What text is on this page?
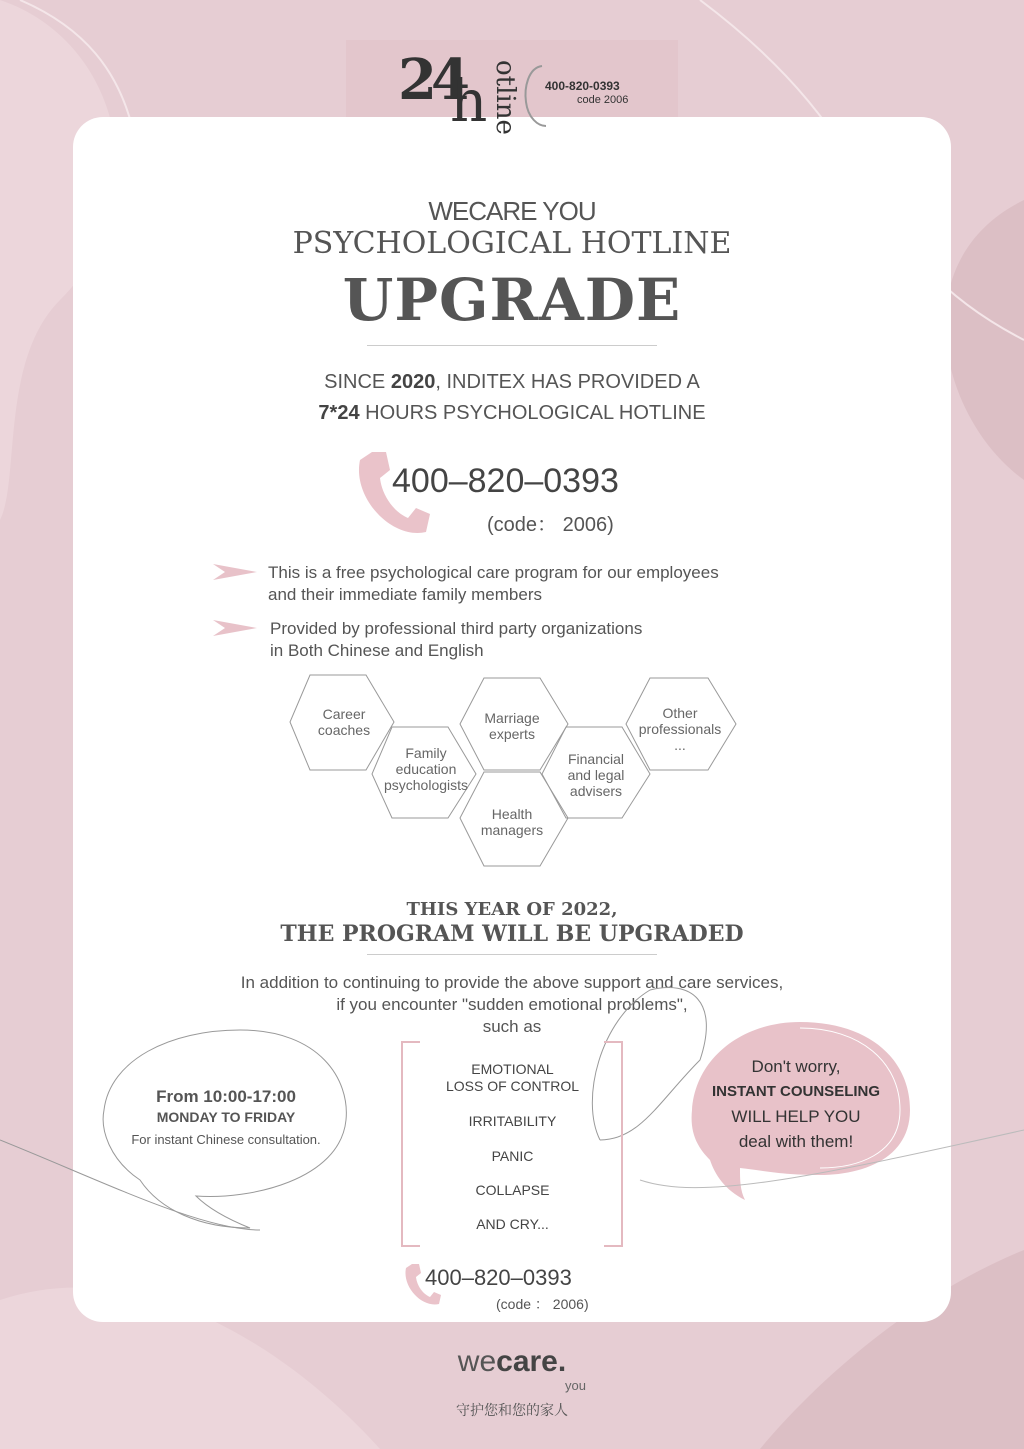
24
h otline 400-820-0393
code 2006
WECARE YOU
PSYCHOLOGICAL HOTLINE
UPGRADE
SINCE 2020, INDITEX HAS PROVIDED A
7*24 HOURS PSYCHOLOGICAL HOTLINE
400–820–0393
(code： 2006)
This is a free psychological care program for our employees
and their immediate family members
Provided by professional third party organizations
in Both Chinese and English
Career
coaches
Family
education
psychologists
Marriage
experts
Health
managers
Financial
and legal
advisers
Other
professionals
...
THIS YEAR OF 2022,
THE PROGRAM WILL BE UPGRADED
In addition to continuing to provide the above support and care services,
if you encounter "sudden emotional problems",
such as
From 10:00-17:00
MONDAY TO FRIDAY
For instant Chinese consultation.
Don't worry,
INSTANT COUNSELING
WILL HELP YOU
deal with them!
EMOTIONAL
LOSS OF CONTROL
IRRITABILITY
PANIC
COLLAPSE
AND CRY...
400–820–0393
(code ： 2006)
wecare.
you
守护您和您的家人
